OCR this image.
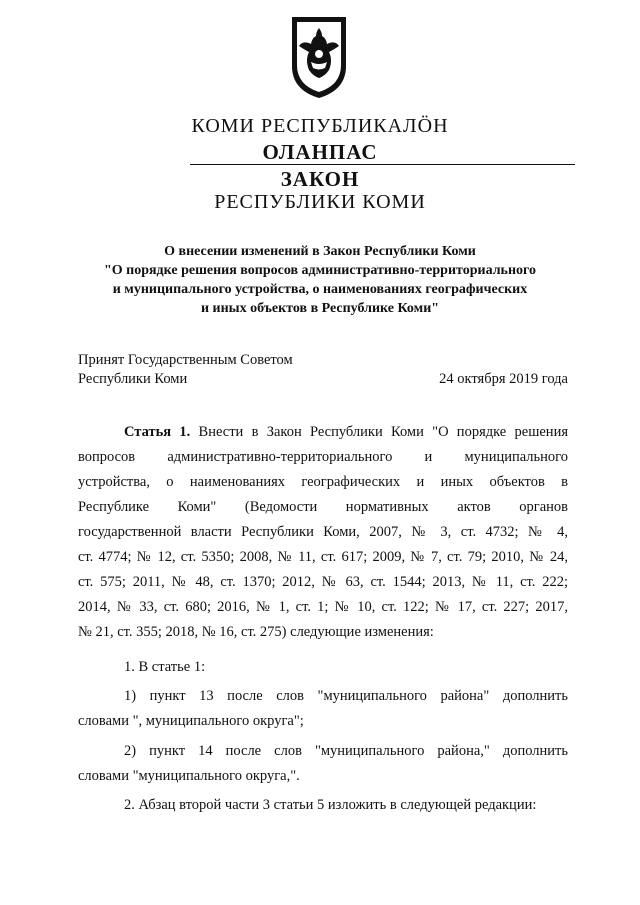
КОМИ РЕСПУБЛИКАЛӦН
ОЛАНПАС
ЗАКОН
РЕСПУБЛИКИ КОМИ
О внесении изменений в Закон Республики Коми
"О порядке решения вопросов административно-территориального
и муниципального устройства, о наименованиях географических
и иных объектов в Республике Коми"
Принят Государственным Советом
Республики Коми	24 октября 2019 года
Статья 1. Внести в Закон Республики Коми "О порядке решения
вопросов административно-территориального и муниципального
устройства, о наименованиях географических и иных объектов в
Республике Коми" (Ведомости нормативных актов органов
государственной власти Республики Коми, 2007, № 3, ст. 4732; № 4,
ст. 4774; № 12, ст. 5350; 2008, № 11, ст. 617; 2009, № 7, ст. 79; 2010, № 24,
ст. 575; 2011, № 48, ст. 1370; 2012, № 63, ст. 1544; 2013, № 11, ст. 222;
2014, № 33, ст. 680; 2016, № 1, ст. 1; № 10, ст. 122; № 17, ст. 227; 2017,
№ 21, ст. 355; 2018, № 16, ст. 275) следующие изменения:
1. В статье 1:
1) пункт 13 после слов "муниципального района" дополнить
словами ", муниципального округа";
2) пункт 14 после слов "муниципального района," дополнить
словами "муниципального округа,".
2. Абзац второй части 3 статьи 5 изложить в следующей редакции:
